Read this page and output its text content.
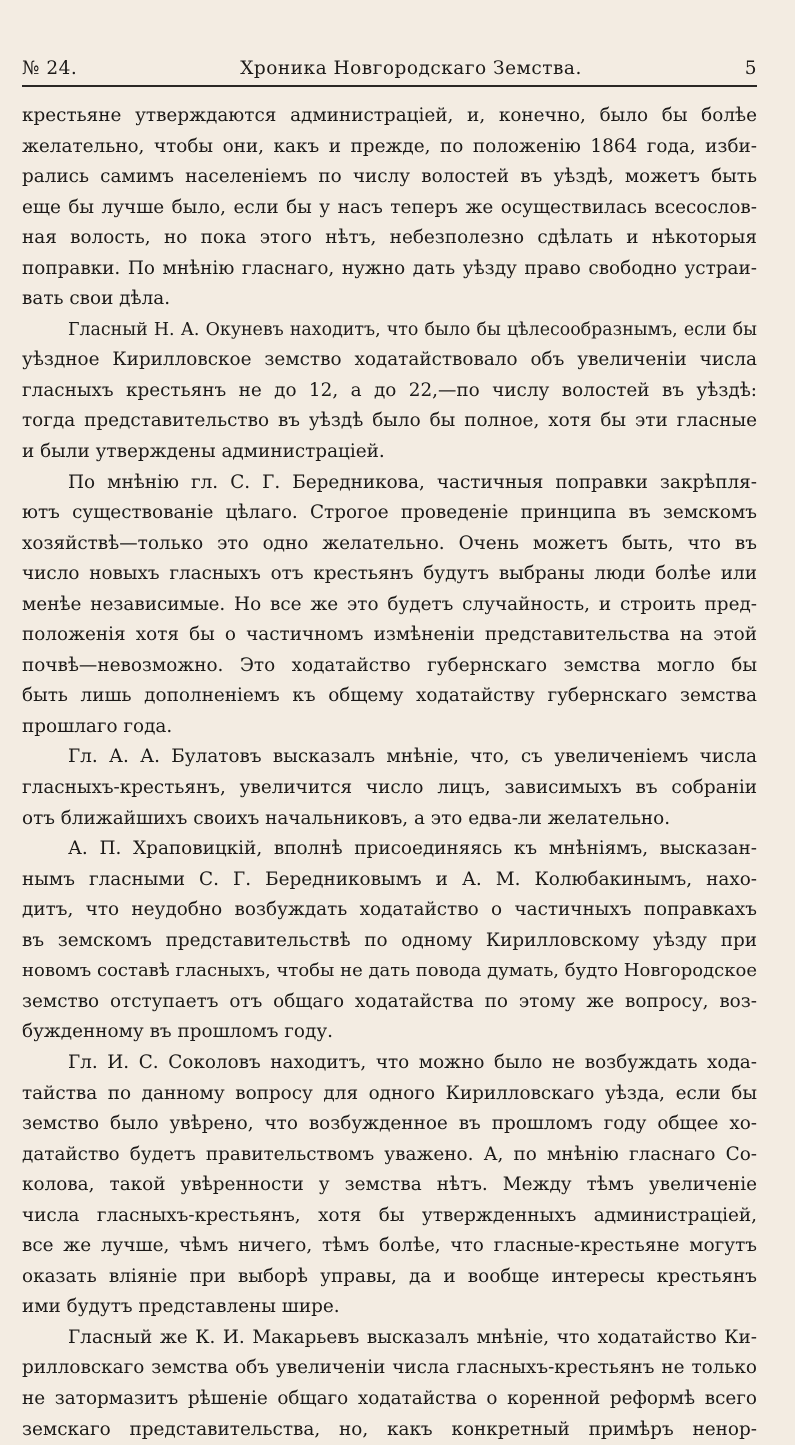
№ 24.	Хроника Новгородскаго Земства.	5
крестьяне утверждаются администраціей, и, конечно, было бы болѣе
желательно, чтобы они, какъ и прежде, по положенію 1864 года, изби-
рались самимъ населеніемъ по числу волостей въ уѣздѣ, можетъ быть
еще бы лучше было, если бы у насъ теперъ же осуществилась всесослов-
ная волость, но пока этого нѣтъ, небезполезно сдѣлать и нѣкоторыя
поправки. По мнѣнію гласнаго, нужно дать уѣзду право свободно устраи-
вать свои дѣла.
Гласный Н. А. Окуневъ находитъ, что было бы цѣлесообразнымъ, если бы
уѣздное Кирилловское земство ходатайствовало объ увеличеніи числа
гласныхъ крестьянъ не до 12, а до 22,—по числу волостей въ уѣздѣ:
тогда представительство въ уѣздѣ было бы полное, хотя бы эти гласные
и были утверждены администраціей.
По мнѣнію гл. С. Г. Бередникова, частичныя поправки закрѣпля-
ютъ существованіе цѣлаго. Строгое проведеніе принципа въ земскомъ
хозяйствѣ—только это одно желательно. Очень можетъ быть, что въ
число новыхъ гласныхъ отъ крестьянъ будутъ выбраны люди болѣе или
менѣе независимые. Но все же это будетъ случайность, и строить пред-
положенія хотя бы о частичномъ измѣненіи представительства на этой
почвѣ—невозможно. Это ходатайство губернскаго земства могло бы
быть лишь дополненіемъ къ общему ходатайству губернскаго земства
прошлаго года.
Гл. А. А. Булатовъ высказалъ мнѣніе, что, съ увеличеніемъ числа
гласныхъ-крестьянъ, увеличится число лицъ, зависимыхъ въ собраніи
отъ ближайшихъ своихъ начальниковъ, а это едва-ли желательно.
А. П. Храповицкій, вполнѣ присоединяясь къ мнѣніямъ, высказан-
нымъ гласными С. Г. Бередниковымъ и А. М. Колюбакинымъ, нахо-
дитъ, что неудобно возбуждать ходатайство о частичныхъ поправкахъ
въ земскомъ представительствѣ по одному Кирилловскому уѣзду при
новомъ составѣ гласныхъ, чтобы не дать повода думать, будто Новгородское
земство отступаетъ отъ общаго ходатайства по этому же вопросу, воз-
бужденному въ прошломъ году.
Гл. И. С. Соколовъ находитъ, что можно было не возбуждать хода-
тайства по данному вопросу для одного Кирилловскаго уѣзда, если бы
земство было увѣрено, что возбужденное въ прошломъ году общее хо-
датайство будетъ правительствомъ уважено. А, по мнѣнію гласнаго Со-
колова, такой увѣренности у земства нѣтъ. Между тѣмъ увеличеніе
числа гласныхъ-крестьянъ, хотя бы утвержденныхъ администраціей,
все же лучше, чѣмъ ничего, тѣмъ болѣе, что гласные-крестьяне могутъ
оказать вліяніе при выборѣ управы, да и вообще интересы крестьянъ
ими будутъ представлены шире.
Гласный же К. И. Макарьевъ высказалъ мнѣніе, что ходатайство Ки-
рилловскаго земства объ увеличеніи числа гласныхъ-крестьянъ не только
не затормазитъ рѣшеніе общаго ходатайства о коренной реформѣ всего
земскаго представительства, но, какъ конкретный примѣръ ненор-
